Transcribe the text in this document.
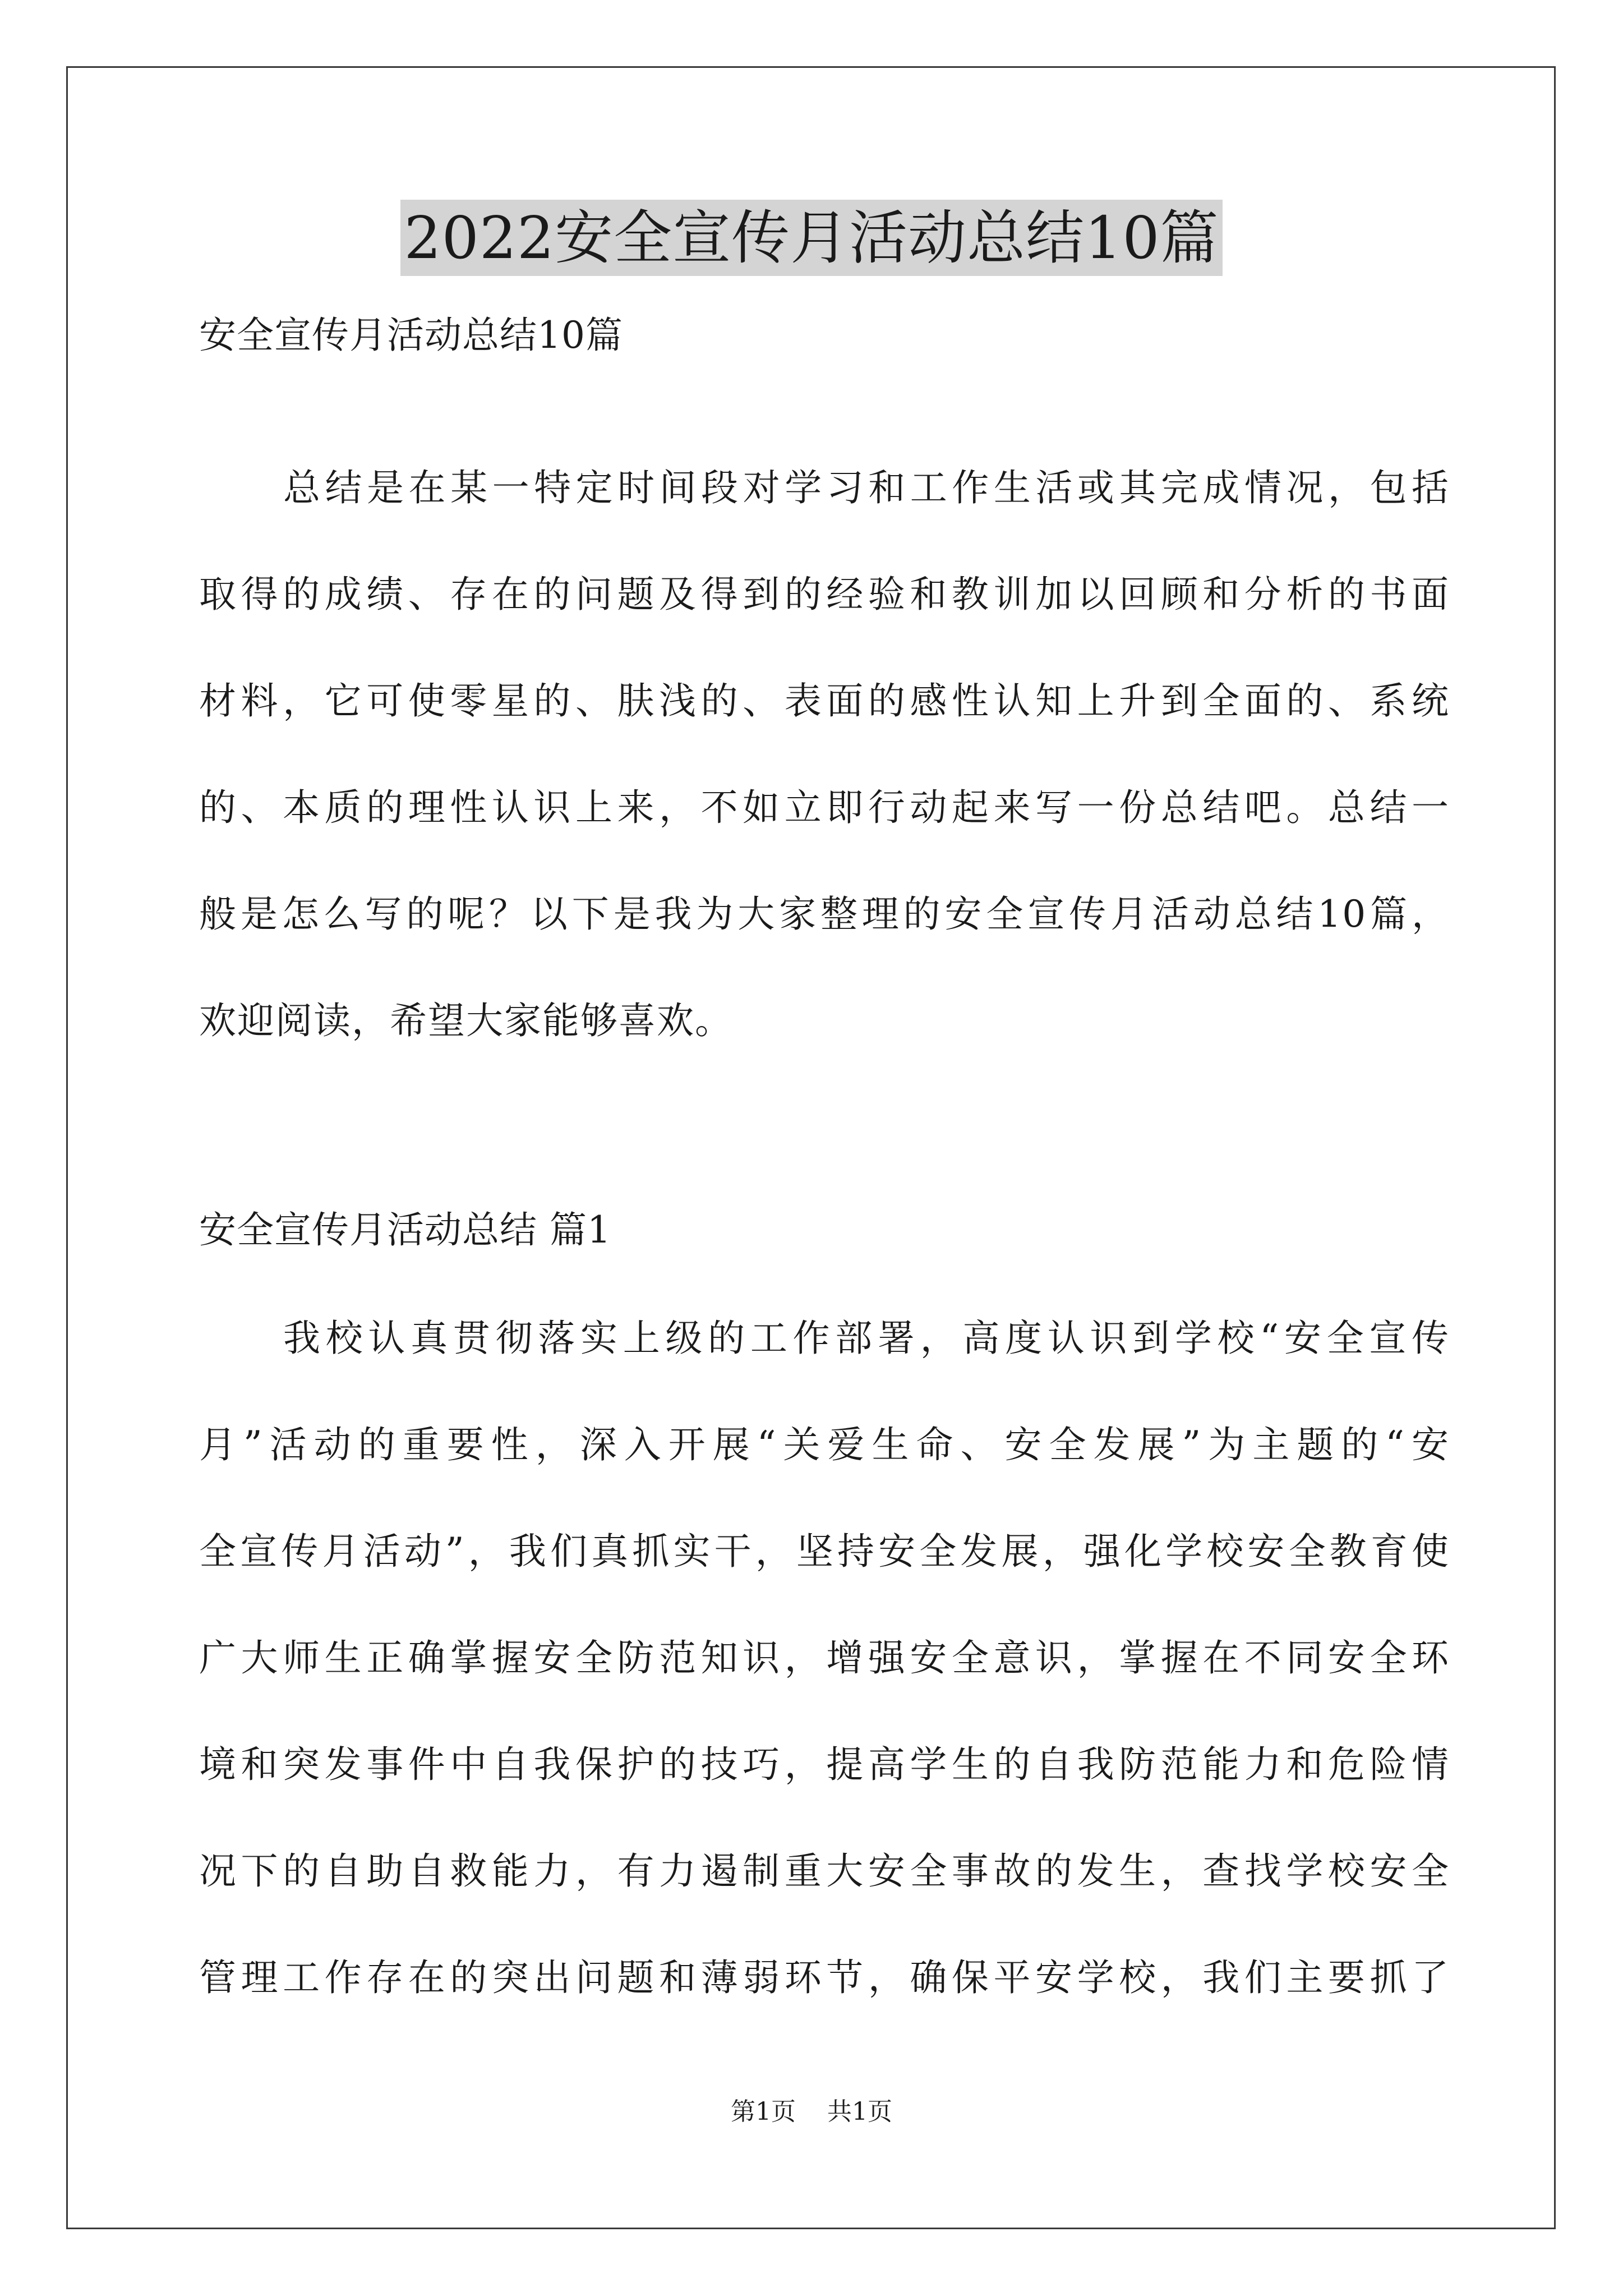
2022安全宣传月活动总结10篇
安全宣传月活动总结10篇
总结是在某一特定时间段对学习和工作生活或其完成情况，包括
取得的成绩、存在的问题及得到的经验和教训加以回顾和分析的书面
材料，它可使零星的、肤浅的、表面的感性认知上升到全面的、系统
的、本质的理性认识上来，不如立即行动起来写一份总结吧。总结一
般是怎么写的呢？以下是我为大家整理的安全宣传月活动总结10篇，
欢迎阅读，希望大家能够喜欢。
安全宣传月活动总结 篇1
我校认真贯彻落实上级的工作部署，高度认识到学校“安全宣传
月”活动的重要性，深入开展“关爱生命、安全发展”为主题的“安
全宣传月活动”，我们真抓实干，坚持安全发展，强化学校安全教育使
广大师生正确掌握安全防范知识，增强安全意识，掌握在不同安全环
境和突发事件中自我保护的技巧，提高学生的自我防范能力和危险情
况下的自助自救能力，有力遏制重大安全事故的发生，查找学校安全
管理工作存在的突出问题和薄弱环节，确保平安学校，我们主要抓了
第1页    共1页
